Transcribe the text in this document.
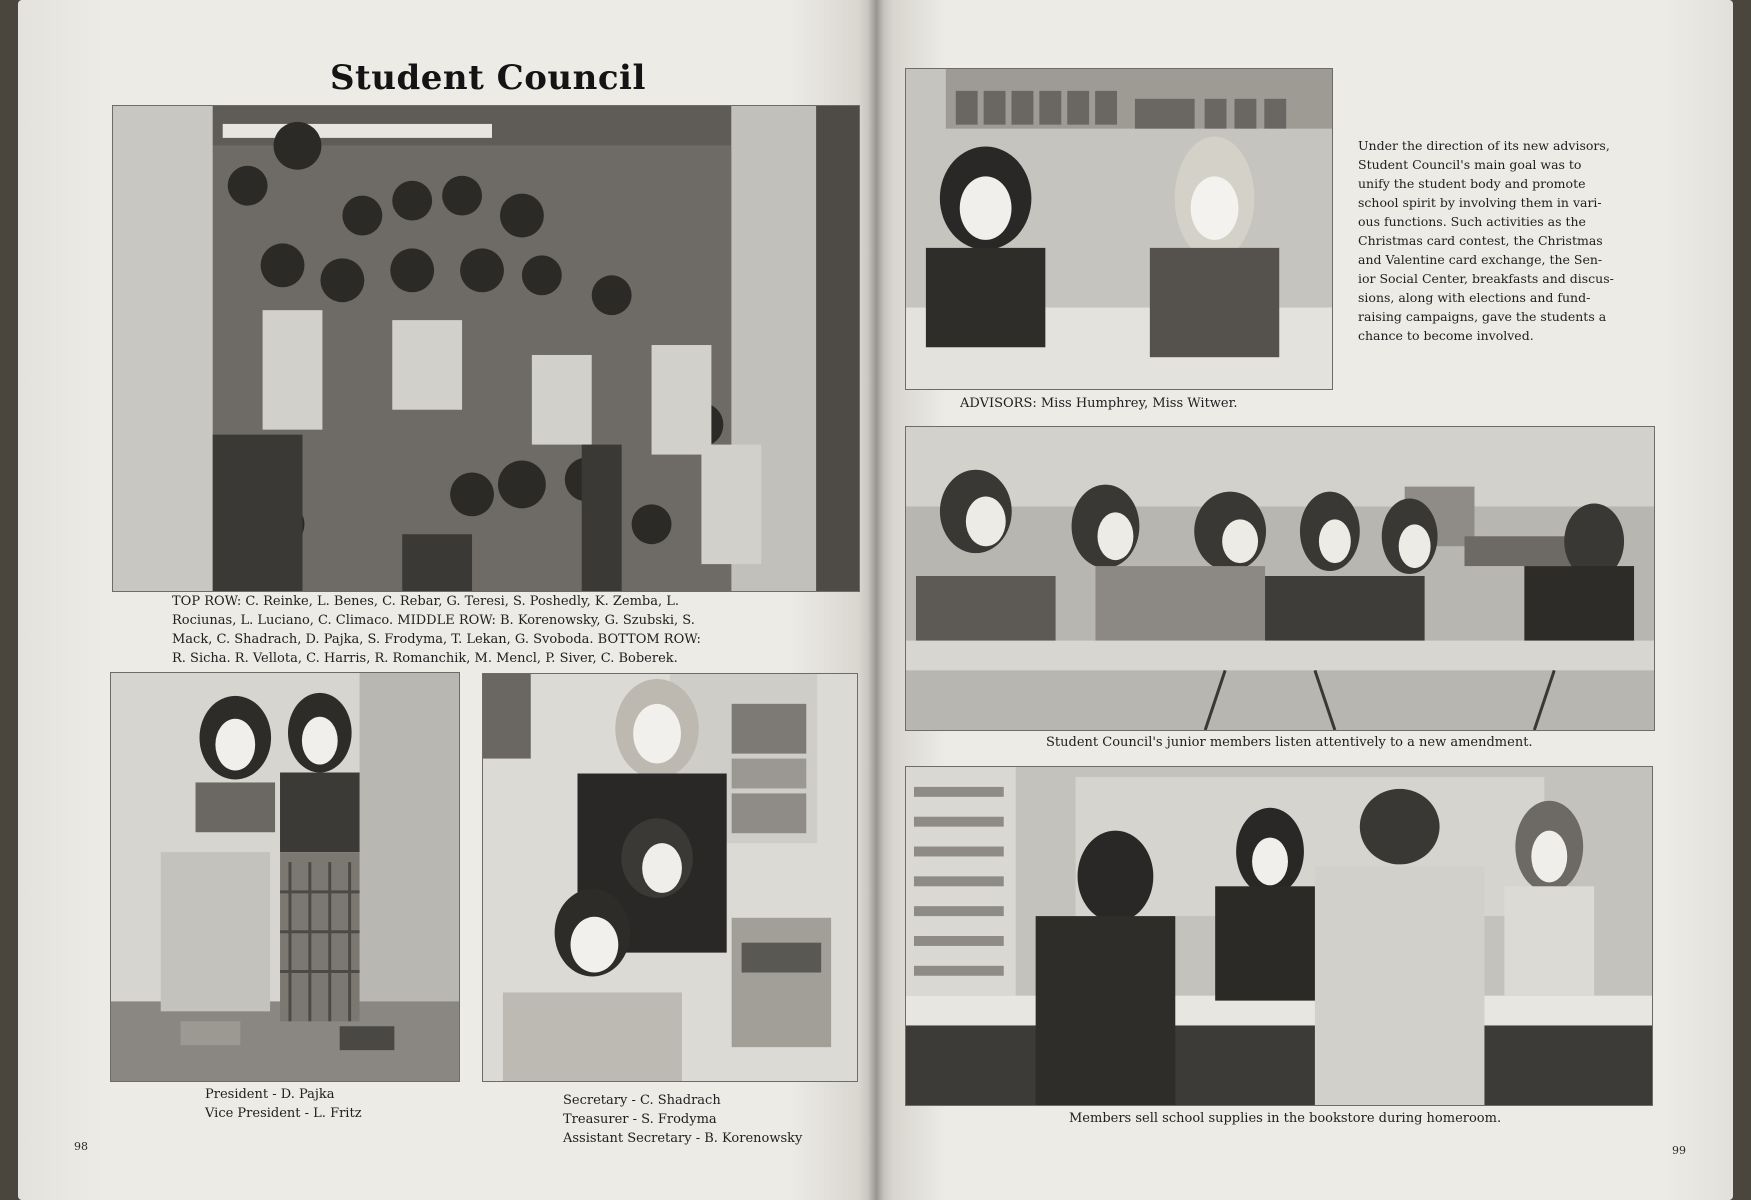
Student Council
TOP ROW: C. Reinke, L. Benes, C. Rebar, G. Teresi, S. Poshedly, K. Zemba, L.
Rociunas, L. Luciano, C. Climaco. MIDDLE ROW: B. Korenowsky, G. Szubski, S.
Mack, C. Shadrach, D. Pajka, S. Frodyma, T. Lekan, G. Svoboda. BOTTOM ROW:
R. Sicha. R. Vellota, C. Harris, R. Romanchik, M. Mencl, P. Siver, C. Boberek.
President - D. Pajka
Vice President - L. Fritz
Secretary - C. Shadrach
Treasurer - S. Frodyma
Assistant Secretary - B. Korenowsky
98
ADVISORS: Miss Humphrey, Miss Witwer.
Under the direction of its new advisors,
Student Council's main goal was to
unify the student body and promote
school spirit by involving them in vari-
ous functions. Such activities as the
Christmas card contest, the Christmas
and Valentine card exchange, the Sen-
ior Social Center, breakfasts and discus-
sions, along with elections and fund-
raising campaigns, gave the students a
chance to become involved.
Student Council's junior members listen attentively to a new amendment.
Members sell school supplies in the bookstore during homeroom.
99
